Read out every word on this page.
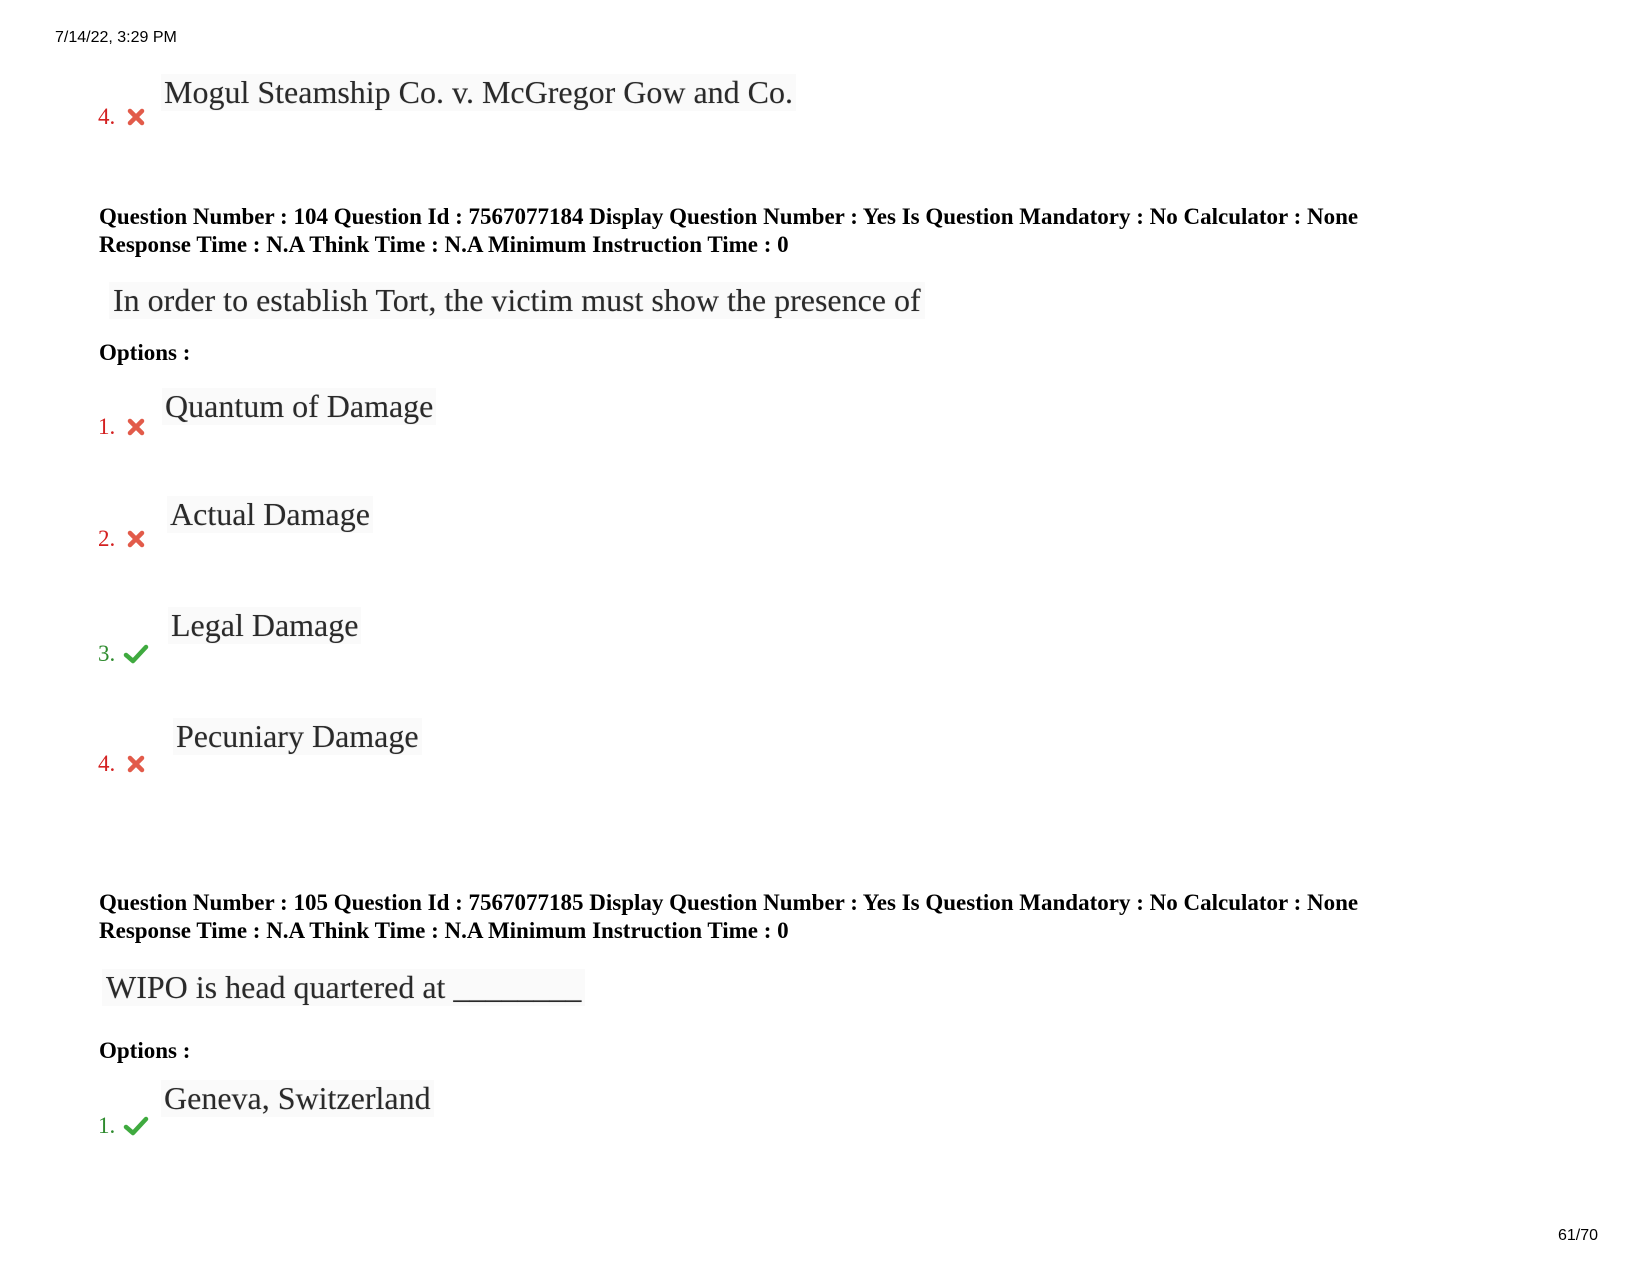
7/14/22, 3:29 PM
4.
Mogul Steamship Co. v. McGregor Gow and Co.
Question Number : 104 Question Id : 7567077184 Display Question Number : Yes Is Question Mandatory : No Calculator : None
Response Time : N.A Think Time : N.A Minimum Instruction Time : 0
In order to establish Tort, the victim must show the presence of
Options :
1.
Quantum of Damage
2.
Actual Damage
3.
Legal Damage
4.
Pecuniary Damage
Question Number : 105 Question Id : 7567077185 Display Question Number : Yes Is Question Mandatory : No Calculator : None
Response Time : N.A Think Time : N.A Minimum Instruction Time : 0
WIPO is head quartered at ________
Options :
1.
Geneva, Switzerland
61/70
